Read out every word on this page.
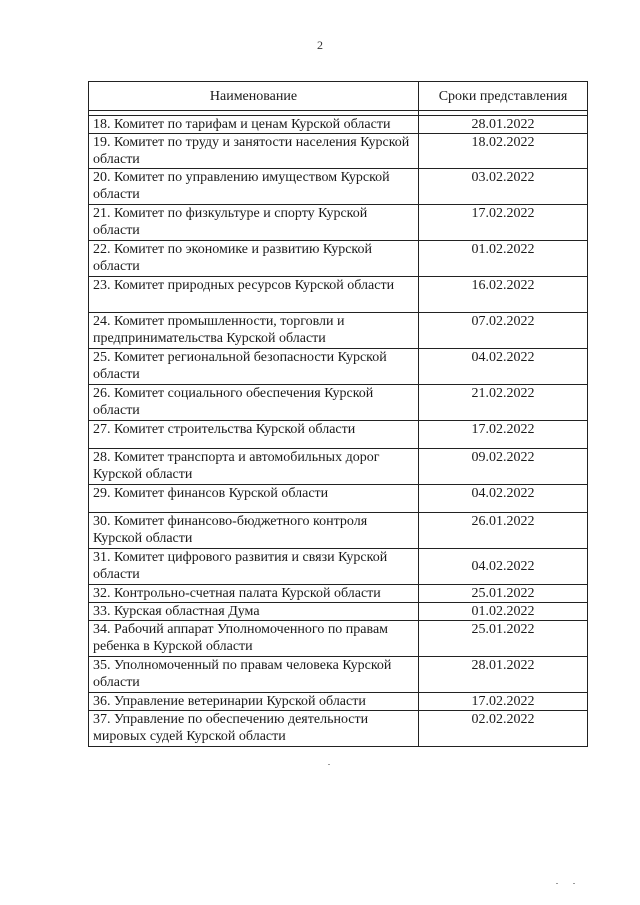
2
Наименование	Сроки представления

18. Комитет по тарифам и ценам Курской области	28.01.2022
19. Комитет по труду и занятости населения Курской области	18.02.2022
20. Комитет по управлению имуществом Курской области	03.02.2022
21. Комитет по физкультуре и спорту Курской области	17.02.2022
22. Комитет по экономике и развитию Курской области	01.02.2022
23. Комитет природных ресурсов Курской области	16.02.2022
24. Комитет промышленности, торговли и предпринимательства Курской области	07.02.2022
25. Комитет региональной безопасности Курской области	04.02.2022
26. Комитет социального обеспечения Курской области	21.02.2022
27. Комитет строительства Курской области	17.02.2022
28. Комитет транспорта и автомобильных дорог Курской области	09.02.2022
29. Комитет финансов Курской области	04.02.2022
30. Комитет финансово-бюджетного контроля Курской области	26.01.2022
31. Комитет цифрового развития и связи Курской области	04.02.2022
32. Контрольно-счетная палата Курской области	25.01.2022
33. Курская областная Дума	01.02.2022
34. Рабочий аппарат Уполномоченного по правам ребенка в Курской области	25.01.2022
35. Уполномоченный по правам человека Курской области	28.01.2022
36. Управление ветеринарии Курской области	17.02.2022
37. Управление по обеспечению деятельности мировых судей Курской области	02.02.2022
